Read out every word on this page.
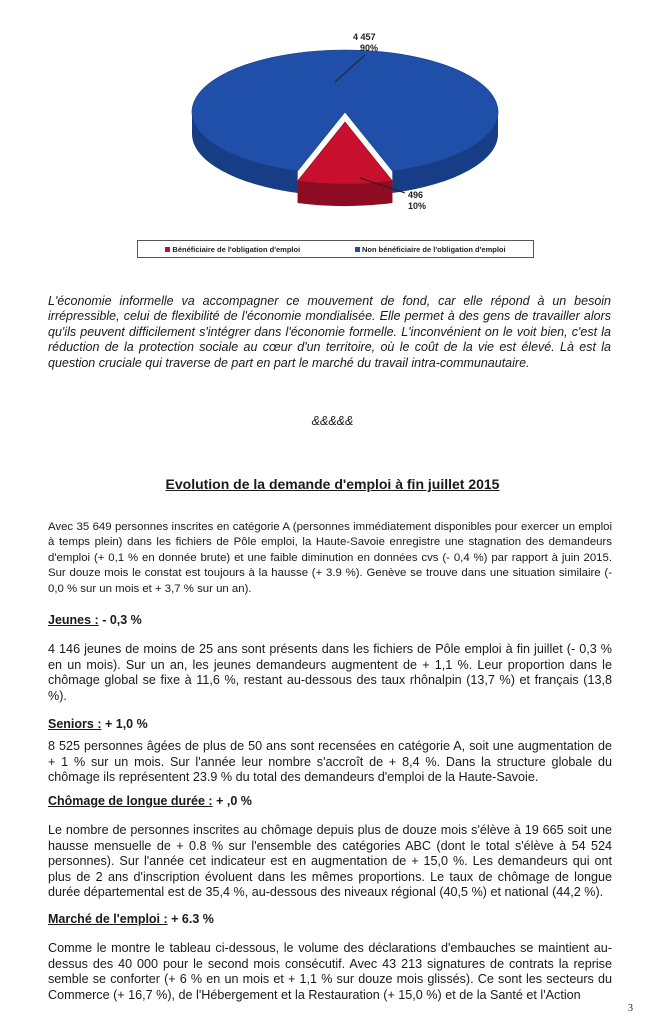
4 457
90%
496
10%
Bénéficiaire de l'obligation d'emploi	Non bénéficiaire de l'obligation d'emploi

L'économie informelle va accompagner ce mouvement de fond, car elle répond à un besoin irrépressible, celui de flexibilité de l'économie mondialisée. Elle permet à des gens de travailler alors qu'ils peuvent difficilement s'intégrer dans l'économie formelle. L'inconvénient on le voit bien, c'est la réduction de la protection sociale au cœur d'un territoire, où le coût de la vie est élevé. Là est la question cruciale qui traverse de part en part le marché du travail intra-communautaire.

&&&&&
Evolution de la demande d'emploi à fin juillet 2015

Avec 35 649 personnes inscrites en catégorie A (personnes immédiatement disponibles pour exercer un emploi à temps plein) dans les fichiers de Pôle emploi, la Haute-Savoie enregistre une stagnation des demandeurs d'emploi (+ 0,1 % en donnée brute) et une faible diminution en données cvs (- 0,4 %) par rapport à juin 2015. Sur douze mois le constat est toujours à la hausse (+ 3.9 %). Genève se trouve dans une situation similaire (- 0,0 % sur un mois et + 3,7 % sur un an).

Jeunes : - 0,3 %

4 146 jeunes de moins de 25 ans sont présents dans les fichiers de Pôle emploi à fin juillet (- 0,3 % en un mois). Sur un an, les jeunes demandeurs augmentent de + 1,1 %. Leur proportion dans le chômage global se fixe à 11,6 %, restant au-dessous des taux rhônalpin (13,7 %) et français (13,8 %).

Seniors : + 1,0 %

8 525 personnes âgées de plus de 50 ans sont recensées en catégorie A, soit une augmentation de + 1 % sur un mois. Sur l'année leur nombre s'accroît de + 8,4 %. Dans la structure globale du chômage ils représentent 23.9 % du total des demandeurs d'emploi de la Haute-Savoie.

Chômage de longue durée : + ,0 %

Le nombre de personnes inscrites au chômage depuis plus de douze mois s'élève à 19 665 soit une hausse mensuelle de + 0.8 % sur l'ensemble des catégories ABC (dont le total s'élève à 54 524 personnes). Sur l'année cet indicateur est en augmentation de + 15,0 %. Les demandeurs qui ont plus de 2 ans d'inscription évoluent dans les mêmes proportions. Le taux de chômage de longue durée départemental est de 35,4 %, au-dessous des niveaux régional (40,5 %) et national (44,2 %).

Marché de l'emploi : + 6.3 %

Comme le montre le tableau ci-dessous, le volume des déclarations d'embauches se maintient au-dessus des 40 000 pour le second mois consécutif. Avec 43 213 signatures de contrats la reprise semble se conforter (+ 6 % en un mois et + 1,1 % sur douze mois glissés). Ce sont les secteurs du Commerce (+ 16,7 %), de l'Hébergement et la Restauration (+ 15,0 %) et de la Santé et l'Action

3
